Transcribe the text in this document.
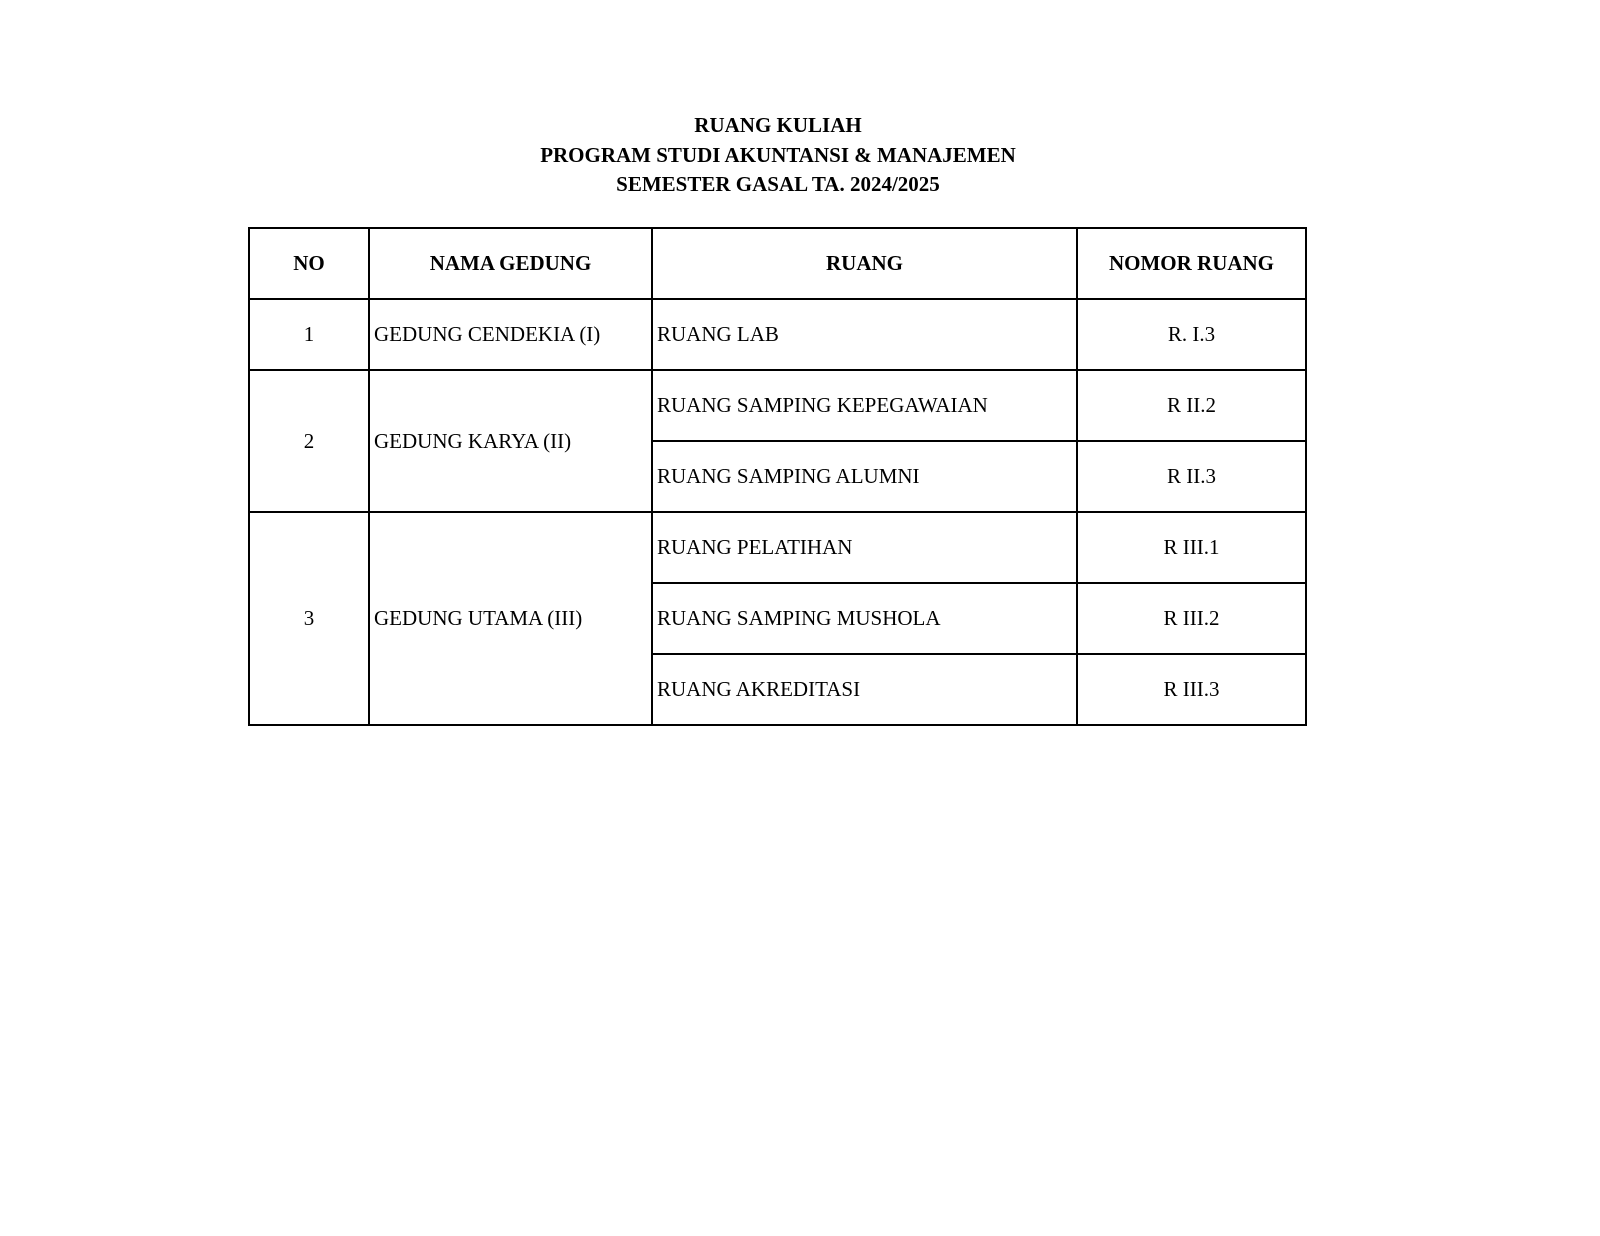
RUANG KULIAH
PROGRAM STUDI AKUNTANSI & MANAJEMEN
SEMESTER GASAL TA. 2024/2025
NO	NAMA GEDUNG	RUANG	NOMOR RUANG
1	GEDUNG CENDEKIA (I)	RUANG LAB	R. I.3
2	GEDUNG KARYA (II)	RUANG SAMPING KEPEGAWAIAN	R II.2
		RUANG SAMPING ALUMNI	R II.3
3	GEDUNG UTAMA (III)	RUANG PELATIHAN	R III.1
		RUANG SAMPING MUSHOLA	R III.2
		RUANG AKREDITASI	R III.3
